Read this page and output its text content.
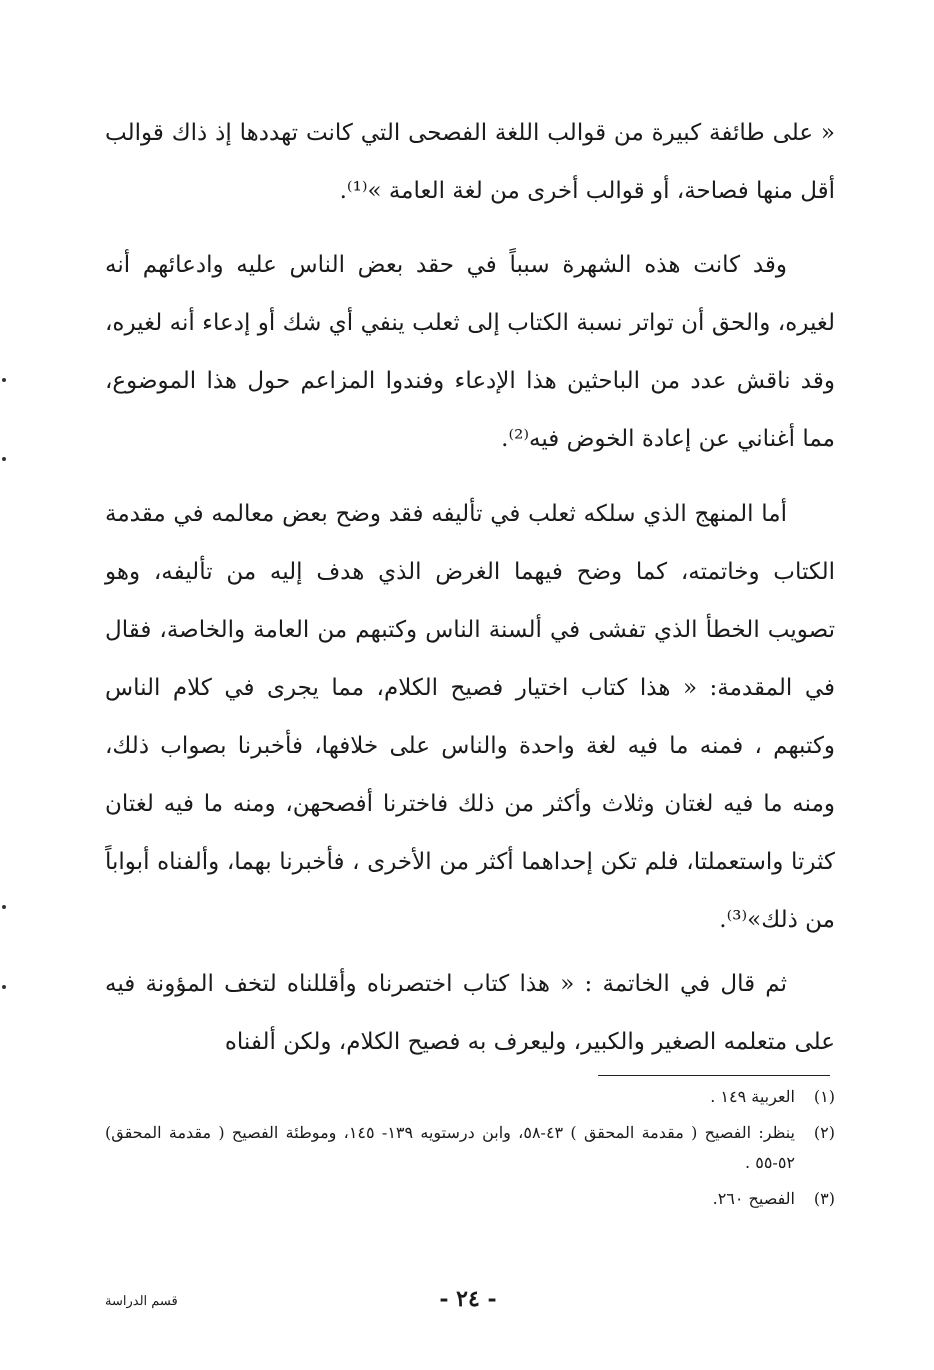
« على طائفة كبيرة من قوالب اللغة الفصحى التي كانت تهددها إذ ذاك قوالب أقل منها فصاحة، أو قوالب أخرى من لغة العامة »⁽¹⁾.

وقد كانت هذه الشهرة سبباً في حقد بعض الناس عليه وادعائهم أنه لغيره، والحق أن تواتر نسبة الكتاب إلى ثعلب ينفي أي شك أو إدعاء أنه لغيره، وقد ناقش عدد من الباحثين هذا الإدعاء وفندوا المزاعم حول هذا الموضوع، مما أغناني عن إعادة الخوض فيه⁽²⁾.

أما المنهج الذي سلكه ثعلب في تأليفه فقد وضح بعض معالمه في مقدمة الكتاب وخاتمته، كما وضح فيهما الغرض الذي هدف إليه من تأليفه، وهو تصويب الخطأ الذي تفشى في ألسنة الناس وكتبهم من العامة والخاصة، فقال في المقدمة: « هذا كتاب اختيار فصيح الكلام، مما يجرى في كلام الناس وكتبهم ، فمنه ما فيه لغة واحدة والناس على خلافها، فأخبرنا بصواب ذلك، ومنه ما فيه لغتان وثلاث وأكثر من ذلك فاخترنا أفصحهن، ومنه ما فيه لغتان كثرتا واستعملتا، فلم تكن إحداهما أكثر من الأخرى ، فأخبرنا بهما، وألفناه أبواباً من ذلك»⁽³⁾.

ثم قال في الخاتمة : « هذا كتاب اختصرناه وأقللناه لتخف المؤونة فيه على متعلمه الصغير والكبير، وليعرف به فصيح الكلام، ولكن ألفناه

(١)
العربية ١٤٩ .
(٢)
ينظر: الفصيح ( مقدمة المحقق ) ٤٣-٥٨، وابن درستويه ١٣٩- ١٤٥، وموطئة الفصيح ( مقدمة المحقق) ٥٢-٥٥ .
(٣)
الفصيح ٢٦٠.
قسم الدراسة	- ٢٤ -
